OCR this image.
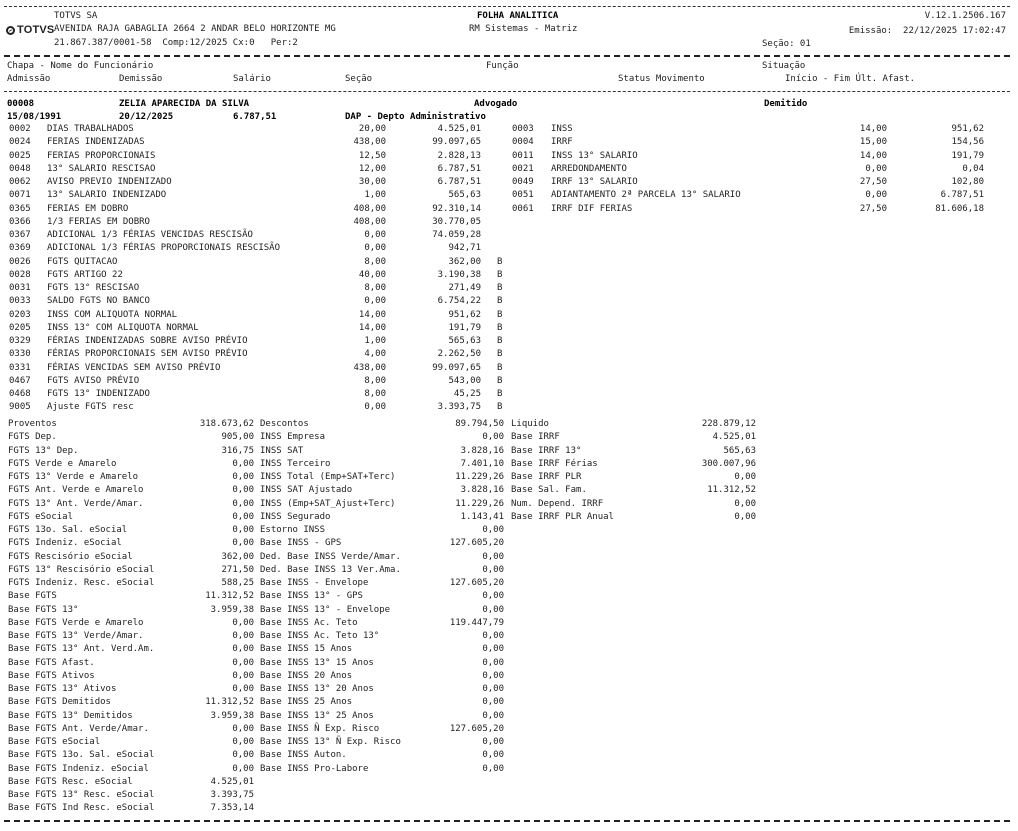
TOTVS SA
TOTVS AVENIDA RAJA GABAGLIA 2664 2 ANDAR BELO HORIZONTE MG
21.867.387/0001-58  Comp:12/2025 Cx:0   Per:2
FOLHA ANALITICA
RM Sistemas - Matriz
V.12.1.2506.167
Emissão:  22/12/2025 17:02:47
Seção: 01
Chapa - Nome do Funcionário	Função	Situação
Admissão	Demissão	Salário	Seção	Status Movimento	Início - Fim Últ. Afast.
00008	ZELIA APARECIDA DA SILVA	Advogado	Demitido
15/08/1991	20/12/2025	6.787,51	DAP - Depto Administrativo
0002 DIAS TRABALHADOS	20,00	4.525,01
0024 FERIAS INDENIZADAS	438,00	99.097,65
0025 FERIAS PROPORCIONAIS	12,50	2.828,13
0048 13° SALARIO RESCISAO	12,00	6.787,51
0062 AVISO PREVIO INDENIZADO	30,00	6.787,51
0071 13° SALARIO INDENIZADO	1,00	565,63
0365 FERIAS EM DOBRO	408,00	92.310,14
0366 1/3 FERIAS EM DOBRO	408,00	30.770,05
0367 ADICIONAL 1/3 FÉRIAS VENCIDAS RESCISÃO	0,00	74.059,28
0369 ADICIONAL 1/3 FÉRIAS PROPORCIONAIS RESCISÃO	0,00	942,71
0026 FGTS QUITACAO	8,00	362,00 B
0028 FGTS ARTIGO 22	40,00	3.190,38 B
0031 FGTS 13° RESCISAO	8,00	271,49 B
0033 SALDO FGTS NO BANCO	0,00	6.754,22 B
0203 INSS COM ALIQUOTA NORMAL	14,00	951,62 B
0205 INSS 13° COM ALIQUOTA NORMAL	14,00	191,79 B
0329 FÉRIAS INDENIZADAS SOBRE AVISO PRÉVIO	1,00	565,63 B
0330 FÉRIAS PROPORCIONAIS SEM AVISO PRÉVIO	4,00	2.262,50 B
0331 FÉRIAS VENCIDAS SEM AVISO PRÉVIO	438,00	99.097,65 B
0467 FGTS AVISO PRÉVIO	8,00	543,00 B
0468 FGTS 13° INDENIZADO	8,00	45,25 B
9005 Ajuste FGTS resc	0,00	3.393,75 B
0003 INSS	14,00	951,62
0004 IRRF	15,00	154,56
0011 INSS 13° SALARIO	14,00	191,79
0021 ARREDONDAMENTO	0,00	0,04
0049 IRRF 13° SALARIO	27,50	102,80
0051 ADIANTAMENTO 2ª PARCELA 13° SALARIO	0,00	6.787,51
0061 IRRF DIF FERIAS	27,50	81.606,18
Proventos	318.673,62
FGTS Dep.	905,00
FGTS 13° Dep.	316,75
FGTS Verde e Amarelo	0,00
FGTS 13° Verde e Amarelo	0,00
FGTS Ant. Verde e Amarelo	0,00
FGTS 13° Ant. Verde/Amar.	0,00
FGTS eSocial	0,00
FGTS 13o. Sal. eSocial	0,00
FGTS Indeniz. eSocial	0,00
FGTS Rescisório eSocial	362,00
FGTS 13° Rescisório eSocial	271,50
FGTS Indeniz. Resc. eSocial	588,25
Base FGTS	11.312,52
Base FGTS 13°	3.959,38
Base FGTS Verde e Amarelo	0,00
Base FGTS 13° Verde/Amar.	0,00
Base FGTS 13° Ant. Verd.Am.	0,00
Base FGTS Afast.	0,00
Base FGTS Ativos	0,00
Base FGTS 13° Ativos	0,00
Base FGTS Demitidos	11.312,52
Base FGTS 13° Demitidos	3.959,38
Base FGTS Ant. Verde/Amar.	0,00
Base FGTS eSocial	0,00
Base FGTS 13o. Sal. eSocial	0,00
Base FGTS Indeniz. eSocial	0,00
Base FGTS Resc. eSocial	4.525,01
Base FGTS 13° Resc. eSocial	3.393,75
Base FGTS Ind Resc. eSocial	7.353,14
Descontos	89.794,50
INSS Empresa	0,00
INSS SAT	3.828,16
INSS Terceiro	7.401,10
INSS Total (Emp+SAT+Terc)	11.229,26
INSS SAT Ajustado	3.828,16
INSS (Emp+SAT_Ajust+Terc)	11.229,26
INSS Segurado	1.143,41
Estorno INSS	0,00
Base INSS - GPS	127.605,20
Ded. Base INSS Verde/Amar.	0,00
Ded. Base INSS 13 Ver.Ama.	0,00
Base INSS - Envelope	127.605,20
Base INSS 13° - GPS	0,00
Base INSS 13° - Envelope	0,00
Base INSS Ac. Teto	119.447,79
Base INSS Ac. Teto 13°	0,00
Base INSS 15 Anos	0,00
Base INSS 13° 15 Anos	0,00
Base INSS 20 Anos	0,00
Base INSS 13° 20 Anos	0,00
Base INSS 25 Anos	0,00
Base INSS 13° 25 Anos	0,00
Base INSS Ñ Exp. Risco	127.605,20
Base INSS 13° Ñ Exp. Risco	0,00
Base INSS Auton.	0,00
Base INSS Pro-Labore	0,00
Liquido	228.879,12
Base IRRF	4.525,01
Base IRRF 13°	565,63
Base IRRF Férias	300.007,96
Base IRRF PLR	0,00
Base Sal. Fam.	11.312,52
Num. Depend. IRRF	0,00
Base IRRF PLR Anual	0,00
